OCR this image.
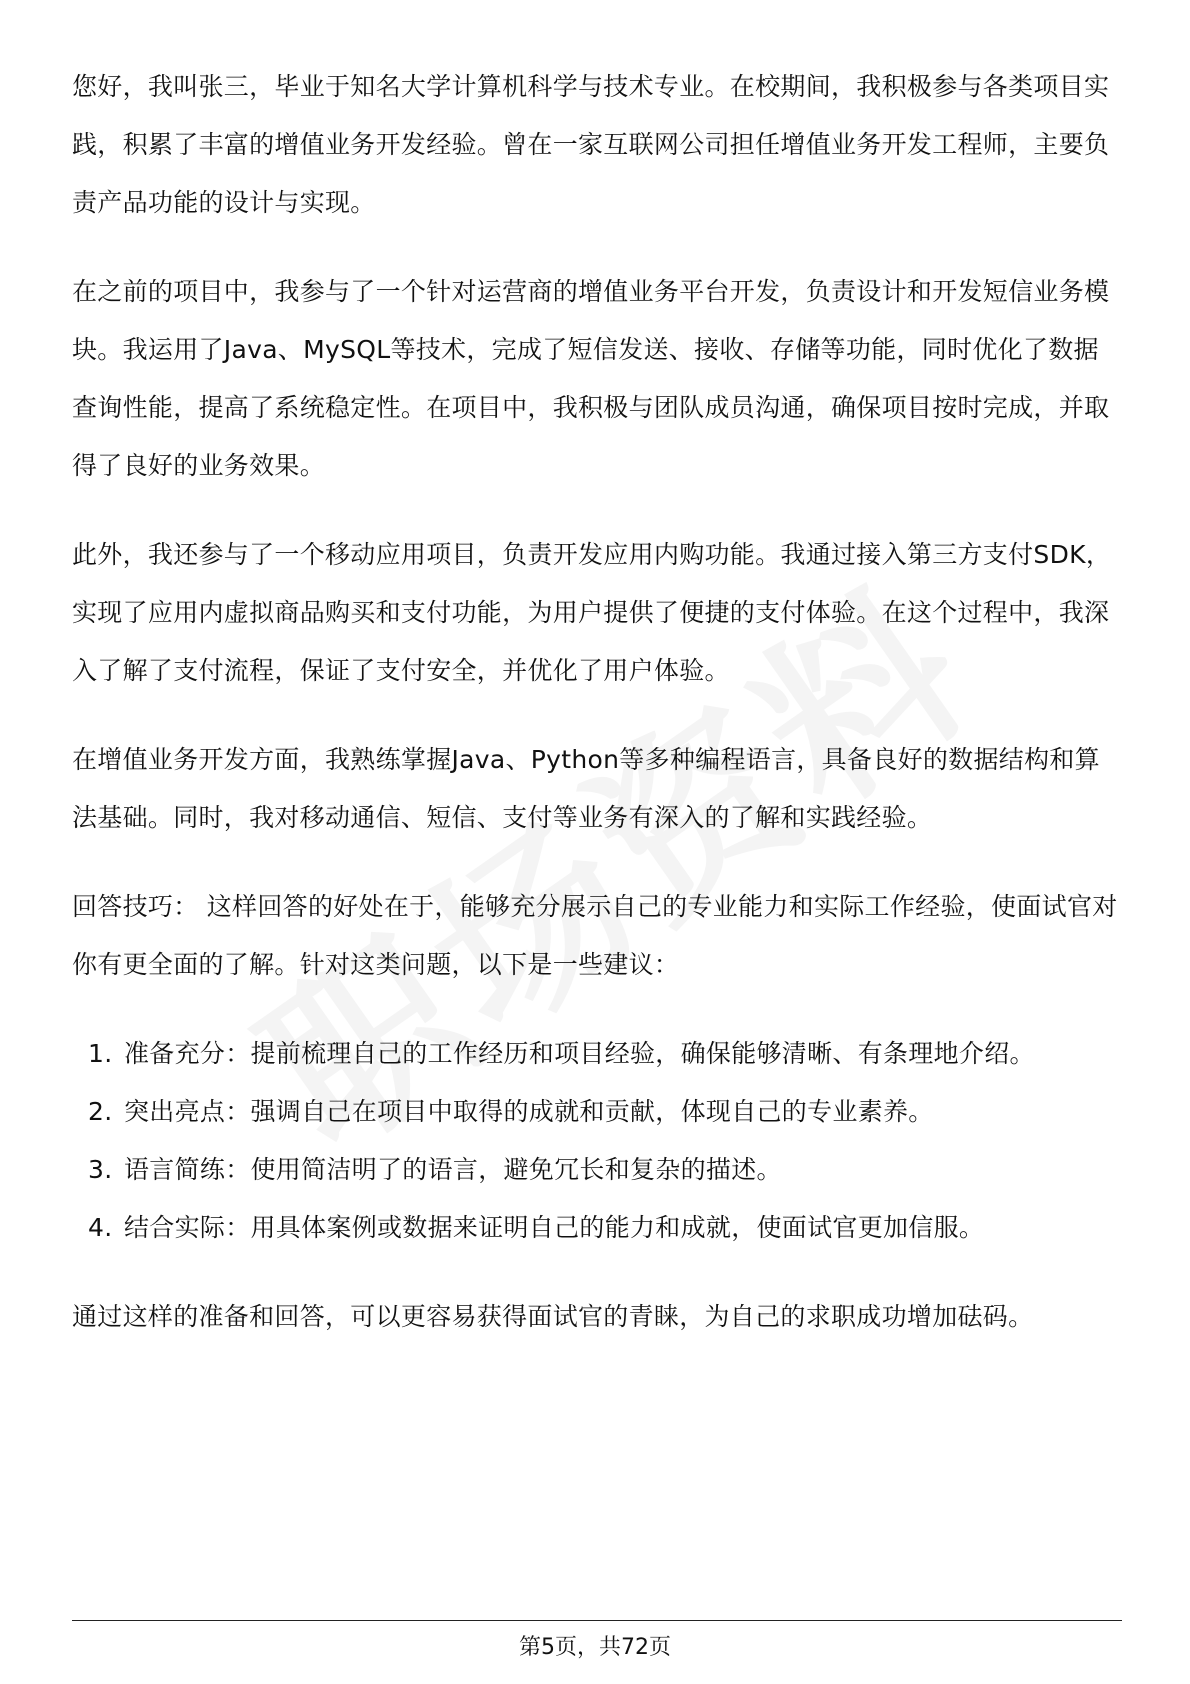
您好，我叫张三，毕业于知名大学计算机科学与技术专业。在校期间，我积极参与各类项目实践，积累了丰富的增值业务开发经验。曾在一家互联网公司担任增值业务开发工程师，主要负责产品功能的设计与实现。

在之前的项目中，我参与了一个针对运营商的增值业务平台开发，负责设计和开发短信业务模块。我运用了Java、MySQL等技术，完成了短信发送、接收、存储等功能，同时优化了数据查询性能，提高了系统稳定性。在项目中，我积极与团队成员沟通，确保项目按时完成，并取得了良好的业务效果。

此外，我还参与了一个移动应用项目，负责开发应用内购功能。我通过接入第三方支付SDK，实现了应用内虚拟商品购买和支付功能，为用户提供了便捷的支付体验。在这个过程中，我深入了解了支付流程，保证了支付安全，并优化了用户体验。

在增值业务开发方面，我熟练掌握Java、Python等多种编程语言，具备良好的数据结构和算法基础。同时，我对移动通信、短信、支付等业务有深入的了解和实践经验。

回答技巧： 这样回答的好处在于，能够充分展示自己的专业能力和实际工作经验，使面试官对你有更全面的了解。针对这类问题，以下是一些建议：

1. 准备充分：提前梳理自己的工作经历和项目经验，确保能够清晰、有条理地介绍。
2. 突出亮点：强调自己在项目中取得的成就和贡献，体现自己的专业素养。
3. 语言简练：使用简洁明了的语言，避免冗长和复杂的描述。
4. 结合实际：用具体案例或数据来证明自己的能力和成就，使面试官更加信服。

通过这样的准备和回答，可以更容易获得面试官的青睐，为自己的求职成功增加砝码。

第5页，共72页
